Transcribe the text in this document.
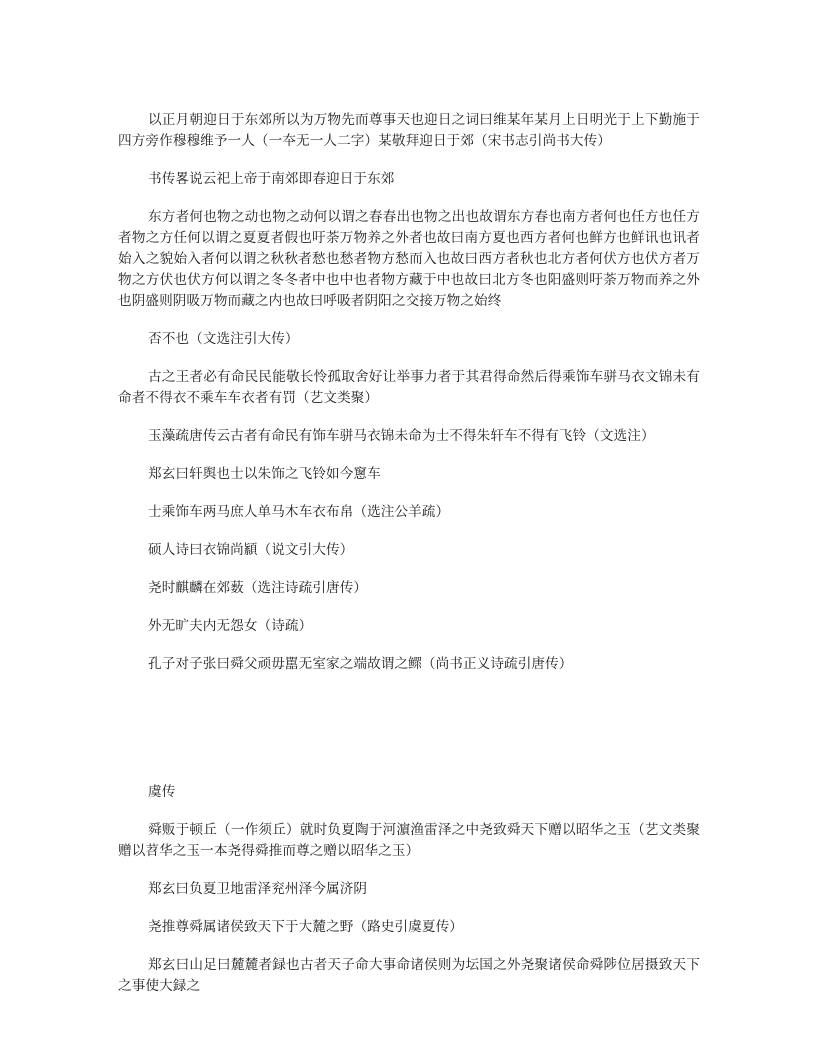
以正月朝迎日于东郊所以为万物先而尊事天也迎日之词曰维某年某月上日明光于上下勤施于四方旁作穆穆维予一人（一夲无一人二字）某敬拜迎日于郊（宋书志引尚书大传）

书传畧说云祀上帝于南郊即春迎日于东郊

东方者何也物之动也物之动何以谓之春春出也物之出也故谓东方春也南方者何也任方也任方者物之方任何以谓之夏夏者假也吁荼万物养之外者也故曰南方夏也西方者何也鲜方也鲜讯也讯者始入之貌始入者何以谓之秋秋者愁也愁者物方愁而入也故曰西方者秋也北方者何伏方也伏方者万物之方伏也伏方何以谓之冬冬者中也中也者物方藏于中也故曰北方冬也阳盛则吁荼万物而养之外也阴盛则阴吸万物而藏之内也故曰呼吸者阴阳之交接万物之始终

否不也（文选注引大传）

古之王者必有命民民能敬长怜孤取舍好让举事力者于其君得命然后得乘饰车骈马衣文锦未有命者不得衣不乘车车衣者有罚（艺文类聚）

玉藻疏唐传云古者有命民有饰车骈马衣锦未命为士不得朱轩车不得有飞铃（文选注）

郑玄曰轩舆也士以朱饰之飞铃如今窻车

士乘饰车两马庶人单马木车衣布帛（选注公羊疏）

硕人诗曰衣锦尚顈（说文引大传）

尧时麒麟在郊薮（选注诗疏引唐传）

外无旷夫内无怨女（诗疏）

孔子对子张曰舜父顽毋嚚无室家之端故谓之鳏（尚书正义诗疏引唐传）

虞传

舜贩于顿丘（一作须丘）就时负夏陶于河濵渔雷泽之中尧致舜天下赠以昭华之玉（艺文类聚赠以苕华之玉一本尧得舜推而尊之赠以昭华之玉）

郑玄曰负夏卫地雷泽兖州泽今属济阴

尧推尊舜属诸侯致天下于大麓之野（路史引虞夏传）

郑玄曰山足曰麓麓者録也古者天子命大事命诸侯则为坛国之外尧聚诸侯命舜陟位居摄致天下之事使大録之
